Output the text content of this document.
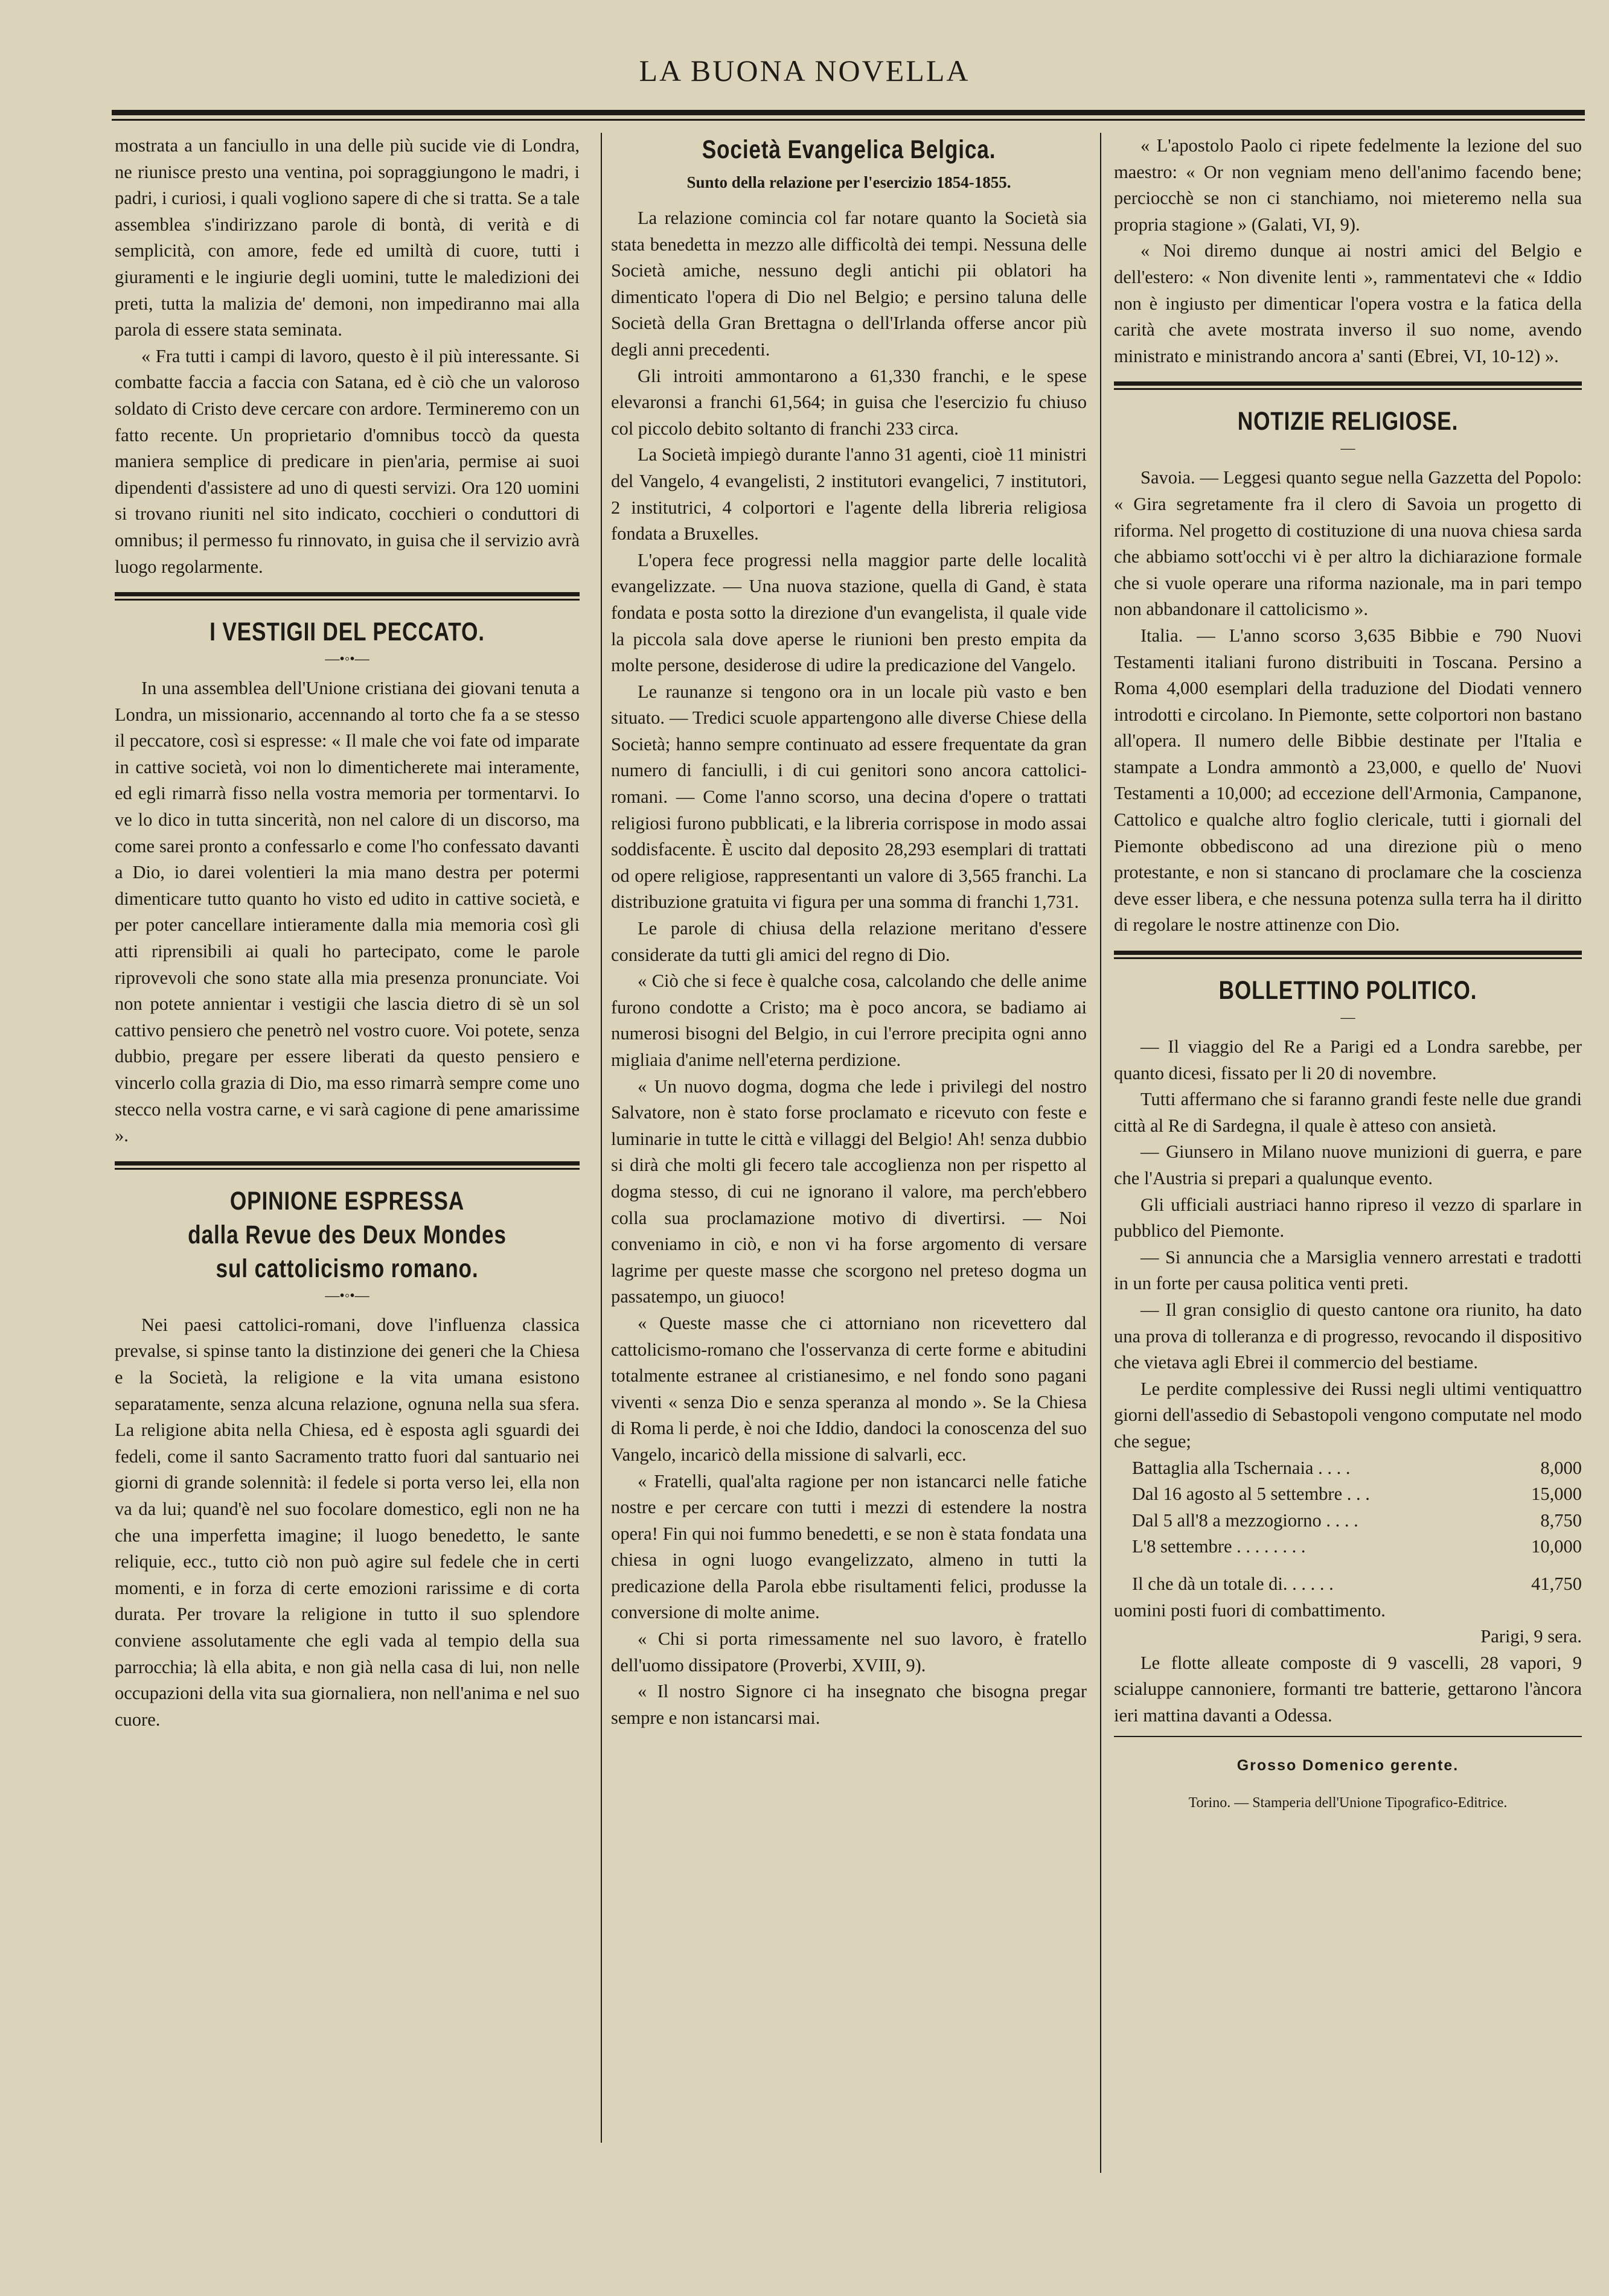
LA BUONA NOVELLA

mostrata a un fanciullo in una delle più sucide vie di Londra, ne riunisce presto una ventina, poi sopraggiungono le madri, i padri, i curiosi, i quali vogliono sapere di che si tratta. Se a tale assemblea s'indirizzano parole di bontà, di verità e di semplicità, con amore, fede ed umiltà di cuore, tutti i giuramenti e le ingiurie degli uomini, tutte le maledizioni dei preti, tutta la malizia de' demoni, non impediranno mai alla parola di essere stata seminata.

« Fra tutti i campi di lavoro, questo è il più interessante. Si combatte faccia a faccia con Satana, ed è ciò che un valoroso soldato di Cristo deve cercare con ardore. Termineremo con un fatto recente. Un proprietario d'omnibus toccò da questa maniera semplice di predicare in pien'aria, permise ai suoi dipendenti d'assistere ad uno di questi servizi. Ora 120 uomini si trovano riuniti nel sito indicato, cocchieri o conduttori di omnibus; il permesso fu rinnovato, in guisa che il servizio avrà luogo regolarmente.

I VESTIGII DEL PECCATO.
—•◦•—

In una assemblea dell'Unione cristiana dei giovani tenuta a Londra, un missionario, accennando al torto che fa a se stesso il peccatore, così si espresse: « Il male che voi fate od imparate in cattive società, voi non lo dimenticherete mai interamente, ed egli rimarrà fisso nella vostra memoria per tormentarvi. Io ve lo dico in tutta sincerità, non nel calore di un discorso, ma come sarei pronto a confessarlo e come l'ho confessato davanti a Dio, io darei volentieri la mia mano destra per potermi dimenticare tutto quanto ho visto ed udito in cattive società, e per poter cancellare intieramente dalla mia memoria così gli atti riprensibili ai quali ho partecipato, come le parole riprovevoli che sono state alla mia presenza pronunciate. Voi non potete annientar i vestigii che lascia dietro di sè un sol cattivo pensiero che penetrò nel vostro cuore. Voi potete, senza dubbio, pregare per essere liberati da questo pensiero e vincerlo colla grazia di Dio, ma esso rimarrà sempre come uno stecco nella vostra carne, e vi sarà cagione di pene amarissime ».

OPINIONE ESPRESSA
dalla Revue des Deux Mondes
sul cattolicismo romano.
—•◦•—

Nei paesi cattolici-romani, dove l'influenza classica prevalse, si spinse tanto la distinzione dei generi che la Chiesa e la Società, la religione e la vita umana esistono separatamente, senza alcuna relazione, ognuna nella sua sfera. La religione abita nella Chiesa, ed è esposta agli sguardi dei fedeli, come il santo Sacramento tratto fuori dal santuario nei giorni di grande solennità: il fedele si porta verso lei, ella non va da lui; quand'è nel suo focolare domestico, egli non ne ha che una imperfetta imagine; il luogo benedetto, le sante reliquie, ecc., tutto ciò non può agire sul fedele che in certi momenti, e in forza di certe emozioni rarissime e di corta durata. Per trovare la religione in tutto il suo splendore conviene assolutamente che egli vada al tempio della sua parrocchia; là ella abita, e non già nella casa di lui, non nelle occupazioni della vita sua giornaliera, non nell'anima e nel suo cuore.

Società Evangelica Belgica.
Sunto della relazione per l'esercizio 1854-1855.

La relazione comincia col far notare quanto la Società sia stata benedetta in mezzo alle difficoltà dei tempi. Nessuna delle Società amiche, nessuno degli antichi pii oblatori ha dimenticato l'opera di Dio nel Belgio; e persino taluna delle Società della Gran Brettagna o dell'Irlanda offerse ancor più degli anni precedenti.

Gli introiti ammontarono a 61,330 franchi, e le spese elevaronsi a franchi 61,564; in guisa che l'esercizio fu chiuso col piccolo debito soltanto di franchi 233 circa.

La Società impiegò durante l'anno 31 agenti, cioè 11 ministri del Vangelo, 4 evangelisti, 2 institutori evangelici, 7 institutori, 2 institutrici, 4 colportori e l'agente della libreria religiosa fondata a Bruxelles.

L'opera fece progressi nella maggior parte delle località evangelizzate. — Una nuova stazione, quella di Gand, è stata fondata e posta sotto la direzione d'un evangelista, il quale vide la piccola sala dove aperse le riunioni ben presto empita da molte persone, desiderose di udire la predicazione del Vangelo.

Le raunanze si tengono ora in un locale più vasto e ben situato. — Tredici scuole appartengono alle diverse Chiese della Società; hanno sempre continuato ad essere frequentate da gran numero di fanciulli, i di cui genitori sono ancora cattolici-romani. — Come l'anno scorso, una decina d'opere o trattati religiosi furono pubblicati, e la libreria corrispose in modo assai soddisfacente. È uscito dal deposito 28,293 esemplari di trattati od opere religiose, rappresentanti un valore di 3,565 franchi. La distribuzione gratuita vi figura per una somma di franchi 1,731.

Le parole di chiusa della relazione meritano d'essere considerate da tutti gli amici del regno di Dio.

« Ciò che si fece è qualche cosa, calcolando che delle anime furono condotte a Cristo; ma è poco ancora, se badiamo ai numerosi bisogni del Belgio, in cui l'errore precipita ogni anno migliaia d'anime nell'eterna perdizione.

« Un nuovo dogma, dogma che lede i privilegi del nostro Salvatore, non è stato forse proclamato e ricevuto con feste e luminarie in tutte le città e villaggi del Belgio! Ah! senza dubbio si dirà che molti gli fecero tale accoglienza non per rispetto al dogma stesso, di cui ne ignorano il valore, ma perch'ebbero colla sua proclamazione motivo di divertirsi. — Noi conveniamo in ciò, e non vi ha forse argomento di versare lagrime per queste masse che scorgono nel preteso dogma un passatempo, un giuoco!

« Queste masse che ci attorniano non ricevettero dal cattolicismo-romano che l'osservanza di certe forme e abitudini totalmente estranee al cristianesimo, e nel fondo sono pagani viventi « senza Dio e senza speranza al mondo ». Se la Chiesa di Roma li perde, è noi che Iddio, dandoci la conoscenza del suo Vangelo, incaricò della missione di salvarli, ecc.

« Fratelli, qual'alta ragione per non istancarci nelle fatiche nostre e per cercare con tutti i mezzi di estendere la nostra opera! Fin qui noi fummo benedetti, e se non è stata fondata una chiesa in ogni luogo evangelizzato, almeno in tutti la predicazione della Parola ebbe risultamenti felici, produsse la conversione di molte anime.

« Chi si porta rimessamente nel suo lavoro, è fratello dell'uomo dissipatore (Proverbi, XVIII, 9).

« Il nostro Signore ci ha insegnato che bisogna pregar sempre e non istancarsi mai.

« L'apostolo Paolo ci ripete fedelmente la lezione del suo maestro: « Or non vegniam meno dell'animo facendo bene; perciocchè se non ci stanchiamo, noi mieteremo nella sua propria stagione » (Galati, VI, 9).

« Noi diremo dunque ai nostri amici del Belgio e dell'estero: « Non divenite lenti », rammentatevi che « Iddio non è ingiusto per dimenticar l'opera vostra e la fatica della carità che avete mostrata inverso il suo nome, avendo ministrato e ministrando ancora a' santi (Ebrei, VI, 10-12) ».

NOTIZIE RELIGIOSE.
—

Savoia. — Leggesi quanto segue nella Gazzetta del Popolo: « Gira segretamente fra il clero di Savoia un progetto di riforma. Nel progetto di costituzione di una nuova chiesa sarda che abbiamo sott'occhi vi è per altro la dichiarazione formale che si vuole operare una riforma nazionale, ma in pari tempo non abbandonare il cattolicismo ».

Italia. — L'anno scorso 3,635 Bibbie e 790 Nuovi Testamenti italiani furono distribuiti in Toscana. Persino a Roma 4,000 esemplari della traduzione del Diodati vennero introdotti e circolano. In Piemonte, sette colportori non bastano all'opera. Il numero delle Bibbie destinate per l'Italia e stampate a Londra ammontò a 23,000, e quello de' Nuovi Testamenti a 10,000; ad eccezione dell'Armonia, Campanone, Cattolico e qualche altro foglio clericale, tutti i giornali del Piemonte obbediscono ad una direzione più o meno protestante, e non si stancano di proclamare che la coscienza deve esser libera, e che nessuna potenza sulla terra ha il diritto di regolare le nostre attinenze con Dio.

BOLLETTINO POLITICO.
—

— Il viaggio del Re a Parigi ed a Londra sarebbe, per quanto dicesi, fissato per li 20 di novembre.

Tutti affermano che si faranno grandi feste nelle due grandi città al Re di Sardegna, il quale è atteso con ansietà.

— Giunsero in Milano nuove munizioni di guerra, e pare che l'Austria si prepari a qualunque evento.

Gli ufficiali austriaci hanno ripreso il vezzo di sparlare in pubblico del Piemonte.

— Si annuncia che a Marsiglia vennero arrestati e tradotti in un forte per causa politica venti preti.

— Il gran consiglio di questo cantone ora riunito, ha dato una prova di tolleranza e di progresso, revocando il dispositivo che vietava agli Ebrei il commercio del bestiame.

Le perdite complessive dei Russi negli ultimi ventiquattro giorni dell'assedio di Sebastopoli vengono computate nel modo che segue;

Battaglia alla Tschernaia . . . .	8,000
Dal 16 agosto al 5 settembre . . .	15,000
Dal 5 all'8 a mezzogiorno . . . .	8,750
L'8 settembre . . . . . . . .	10,000
Il che dà un totale di. . . . . .	41,750

uomini posti fuori di combattimento.

Parigi, 9 sera.

Le flotte alleate composte di 9 vascelli, 28 vapori, 9 scialuppe cannoniere, formanti tre batterie, gettarono l'àncora ieri mattina davanti a Odessa.

Grosso Domenico gerente.
Torino. — Stamperia dell'Unione Tipografico-Editrice.
